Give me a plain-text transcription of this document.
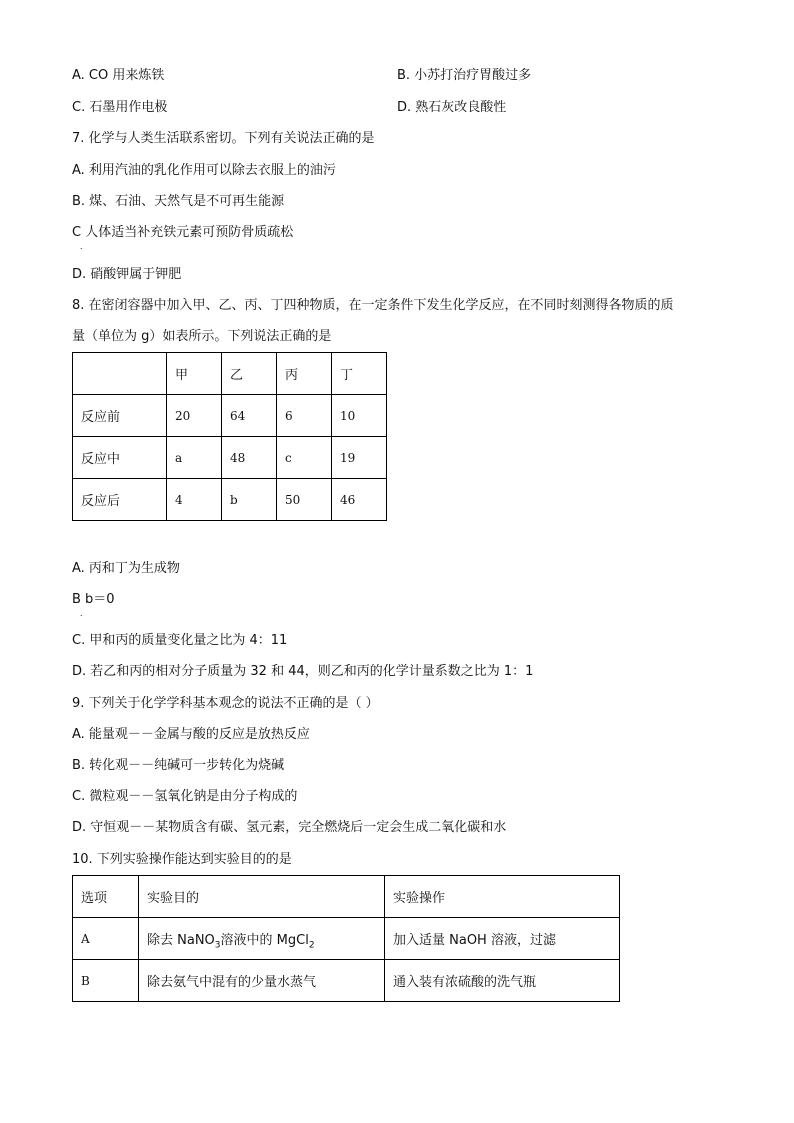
A. CO 用来炼铁	B. 小苏打治疗胃酸过多
C. 石墨用作电极	D. 熟石灰改良酸性
7. 化学与人类生活联系密切。下列有关说法正确的是
A. 利用汽油的乳化作用可以除去衣服上的油污
B. 煤、石油、天然气是不可再生能源
C 人体适当补充铁元素可预防骨质疏松
.
D. 硝酸钾属于钾肥
8. 在密闭容器中加入甲、乙、丙、丁四种物质，在一定条件下发生化学反应，在不同时刻测得各物质的质
量（单位为 g）如表所示。下列说法正确的是
	甲	乙	丙	丁
反应前	20	64	6	10
反应中	a	48	c	19
反应后	4	b	50	46
A. 丙和丁为生成物
B b＝0
.
C. 甲和丙的质量变化量之比为 4：11
D. 若乙和丙的相对分子质量为 32 和 44，则乙和丙的化学计量系数之比为 1：1
9. 下列关于化学学科基本观念的说法不正确的是（ ）
A. 能量观－－金属与酸的反应是放热反应
B. 转化观－－纯碱可一步转化为烧碱
C. 微粒观－－氢氧化钠是由分子构成的
D. 守恒观－－某物质含有碳、氢元素，完全燃烧后一定会生成二氧化碳和水
10. 下列实验操作能达到实验目的的是
选项	实验目的	实验操作
A	除去 NaNO$_3$溶液中的 MgCl$_2$	加入适量 NaOH 溶液，过滤
B	除去氨气中混有的少量水蒸气	通入装有浓硫酸的洗气瓶
